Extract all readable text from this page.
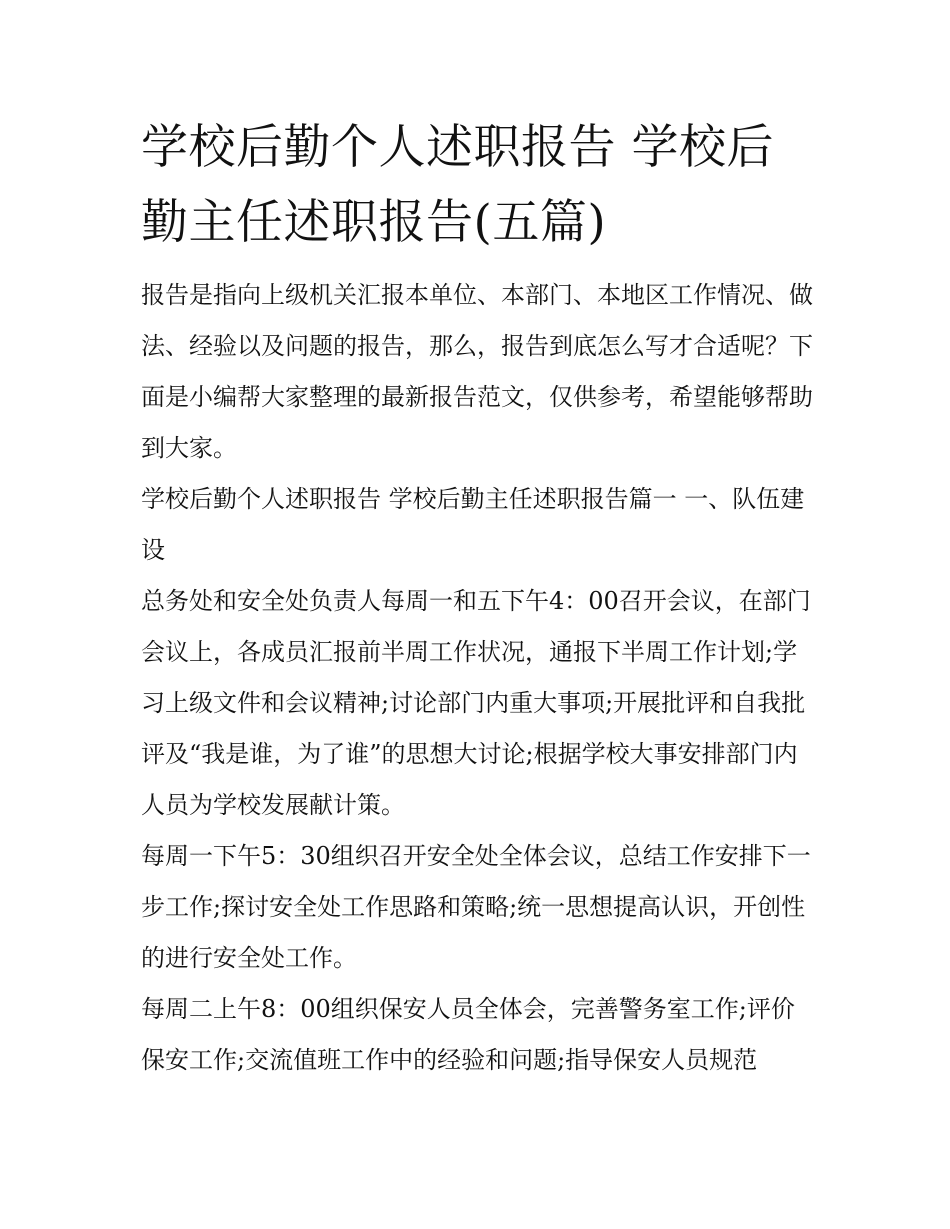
学校后勤个人述职报告 学校后勤主任述职报告(五篇)

报告是指向上级机关汇报本单位、本部门、本地区工作情况、做法、经验以及问题的报告，那么，报告到底怎么写才合适呢？下面是小编帮大家整理的最新报告范文，仅供参考，希望能够帮助到大家。

学校后勤个人述职报告 学校后勤主任述职报告篇一 一、队伍建设

总务处和安全处负责人每周一和五下午4：00召开会议，在部门会议上，各成员汇报前半周工作状况，通报下半周工作计划;学习上级文件和会议精神;讨论部门内重大事项;开展批评和自我批评及“我是谁，为了谁”的思想大讨论;根据学校大事安排部门内人员为学校发展献计策。

每周一下午5：30组织召开安全处全体会议，总结工作安排下一步工作;探讨安全处工作思路和策略;统一思想提高认识，开创性的进行安全处工作。

每周二上午8：00组织保安人员全体会，完善警务室工作;评价保安工作;交流值班工作中的经验和问题;指导保安人员规范
